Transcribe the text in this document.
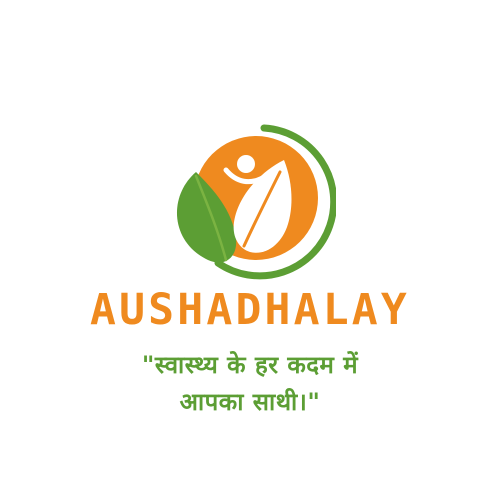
AUSHADHALAY
"स्वास्थ्य के हर कदम में
आपका साथी।"
